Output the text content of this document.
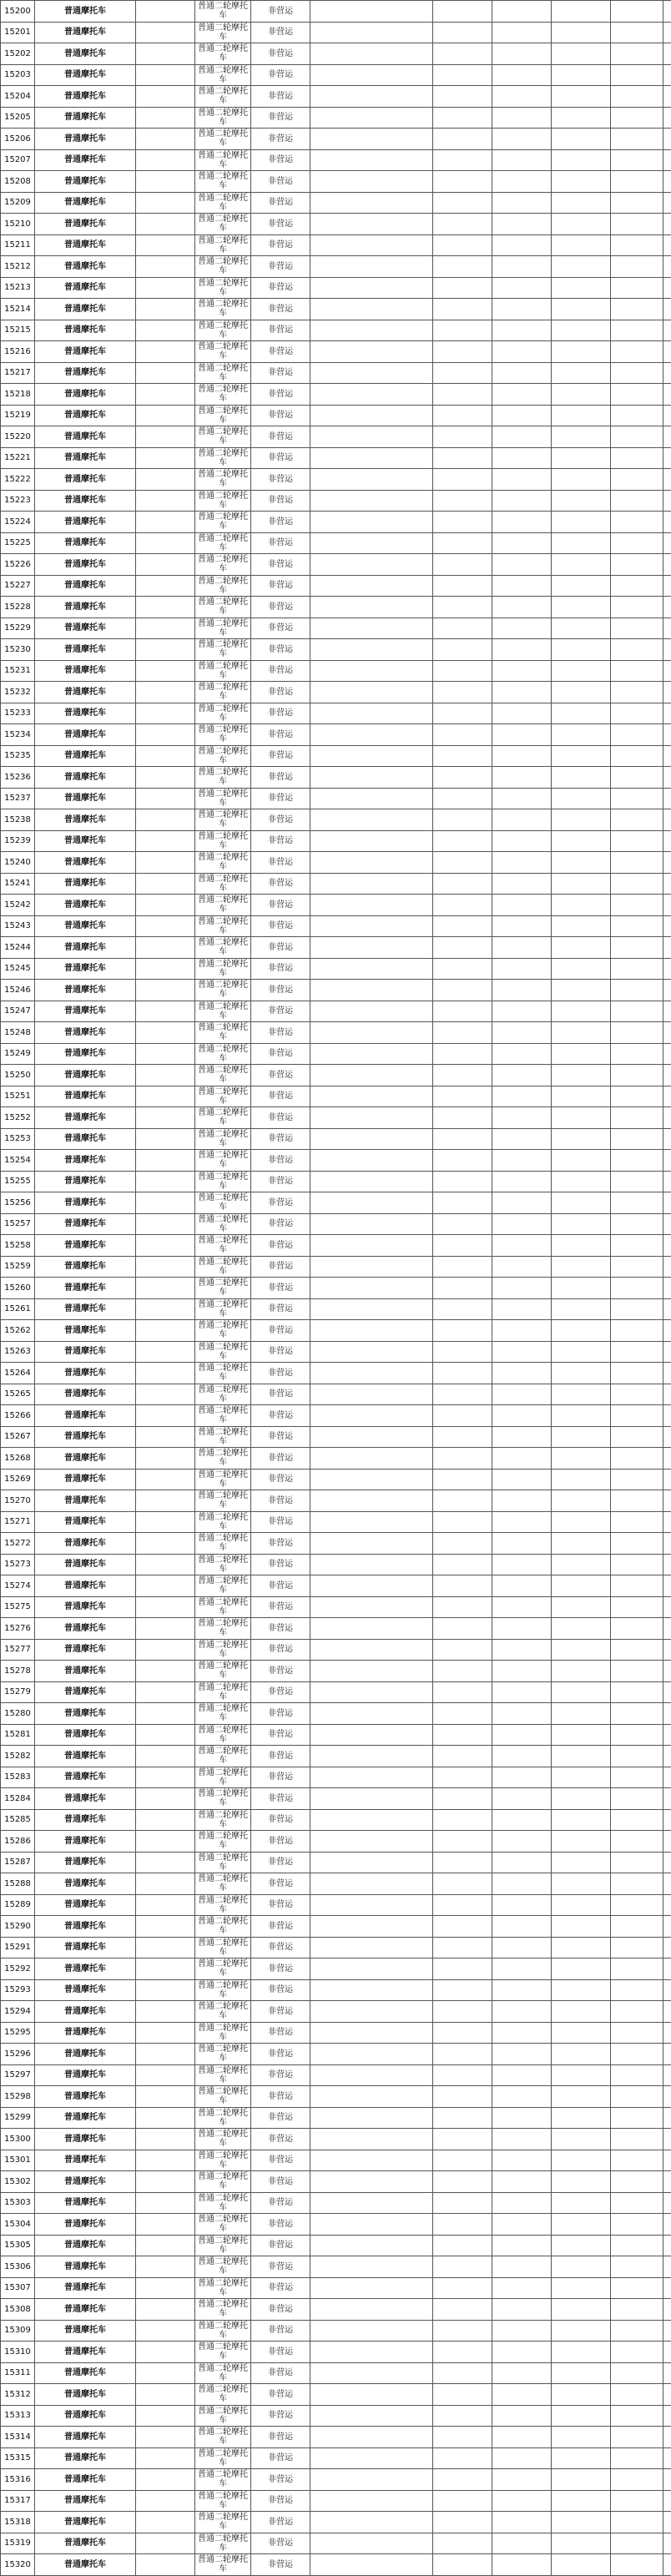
15200	普通摩托车		普通二轮摩托车	非营运						
15201	普通摩托车		普通二轮摩托车	非营运						
15202	普通摩托车		普通二轮摩托车	非营运						
15203	普通摩托车		普通二轮摩托车	非营运						
15204	普通摩托车		普通二轮摩托车	非营运						
15205	普通摩托车		普通二轮摩托车	非营运						
15206	普通摩托车		普通二轮摩托车	非营运						
15207	普通摩托车		普通二轮摩托车	非营运						
15208	普通摩托车		普通二轮摩托车	非营运						
15209	普通摩托车		普通二轮摩托车	非营运						
15210	普通摩托车		普通二轮摩托车	非营运						
15211	普通摩托车		普通二轮摩托车	非营运						
15212	普通摩托车		普通二轮摩托车	非营运						
15213	普通摩托车		普通二轮摩托车	非营运						
15214	普通摩托车		普通二轮摩托车	非营运						
15215	普通摩托车		普通二轮摩托车	非营运						
15216	普通摩托车		普通二轮摩托车	非营运						
15217	普通摩托车		普通二轮摩托车	非营运						
15218	普通摩托车		普通二轮摩托车	非营运						
15219	普通摩托车		普通二轮摩托车	非营运						
15220	普通摩托车		普通二轮摩托车	非营运						
15221	普通摩托车		普通二轮摩托车	非营运						
15222	普通摩托车		普通二轮摩托车	非营运						
15223	普通摩托车		普通二轮摩托车	非营运						
15224	普通摩托车		普通二轮摩托车	非营运						
15225	普通摩托车		普通二轮摩托车	非营运						
15226	普通摩托车		普通二轮摩托车	非营运						
15227	普通摩托车		普通二轮摩托车	非营运						
15228	普通摩托车		普通二轮摩托车	非营运						
15229	普通摩托车		普通二轮摩托车	非营运						
15230	普通摩托车		普通二轮摩托车	非营运						
15231	普通摩托车		普通二轮摩托车	非营运						
15232	普通摩托车		普通二轮摩托车	非营运						
15233	普通摩托车		普通二轮摩托车	非营运						
15234	普通摩托车		普通二轮摩托车	非营运						
15235	普通摩托车		普通二轮摩托车	非营运						
15236	普通摩托车		普通二轮摩托车	非营运						
15237	普通摩托车		普通二轮摩托车	非营运						
15238	普通摩托车		普通二轮摩托车	非营运						
15239	普通摩托车		普通二轮摩托车	非营运						
15240	普通摩托车		普通二轮摩托车	非营运						
15241	普通摩托车		普通二轮摩托车	非营运						
15242	普通摩托车		普通二轮摩托车	非营运						
15243	普通摩托车		普通二轮摩托车	非营运						
15244	普通摩托车		普通二轮摩托车	非营运						
15245	普通摩托车		普通二轮摩托车	非营运						
15246	普通摩托车		普通二轮摩托车	非营运						
15247	普通摩托车		普通二轮摩托车	非营运						
15248	普通摩托车		普通二轮摩托车	非营运						
15249	普通摩托车		普通二轮摩托车	非营运						
15250	普通摩托车		普通二轮摩托车	非营运						
15251	普通摩托车		普通二轮摩托车	非营运						
15252	普通摩托车		普通二轮摩托车	非营运						
15253	普通摩托车		普通二轮摩托车	非营运						
15254	普通摩托车		普通二轮摩托车	非营运						
15255	普通摩托车		普通二轮摩托车	非营运						
15256	普通摩托车		普通二轮摩托车	非营运						
15257	普通摩托车		普通二轮摩托车	非营运						
15258	普通摩托车		普通二轮摩托车	非营运						
15259	普通摩托车		普通二轮摩托车	非营运						
15260	普通摩托车		普通二轮摩托车	非营运						
15261	普通摩托车		普通二轮摩托车	非营运						
15262	普通摩托车		普通二轮摩托车	非营运						
15263	普通摩托车		普通二轮摩托车	非营运						
15264	普通摩托车		普通二轮摩托车	非营运						
15265	普通摩托车		普通二轮摩托车	非营运						
15266	普通摩托车		普通二轮摩托车	非营运						
15267	普通摩托车		普通二轮摩托车	非营运						
15268	普通摩托车		普通二轮摩托车	非营运						
15269	普通摩托车		普通二轮摩托车	非营运						
15270	普通摩托车		普通二轮摩托车	非营运						
15271	普通摩托车		普通二轮摩托车	非营运						
15272	普通摩托车		普通二轮摩托车	非营运						
15273	普通摩托车		普通二轮摩托车	非营运						
15274	普通摩托车		普通二轮摩托车	非营运						
15275	普通摩托车		普通二轮摩托车	非营运						
15276	普通摩托车		普通二轮摩托车	非营运						
15277	普通摩托车		普通二轮摩托车	非营运						
15278	普通摩托车		普通二轮摩托车	非营运						
15279	普通摩托车		普通二轮摩托车	非营运						
15280	普通摩托车		普通二轮摩托车	非营运						
15281	普通摩托车		普通二轮摩托车	非营运						
15282	普通摩托车		普通二轮摩托车	非营运						
15283	普通摩托车		普通二轮摩托车	非营运						
15284	普通摩托车		普通二轮摩托车	非营运						
15285	普通摩托车		普通二轮摩托车	非营运						
15286	普通摩托车		普通二轮摩托车	非营运						
15287	普通摩托车		普通二轮摩托车	非营运						
15288	普通摩托车		普通二轮摩托车	非营运						
15289	普通摩托车		普通二轮摩托车	非营运						
15290	普通摩托车		普通二轮摩托车	非营运						
15291	普通摩托车		普通二轮摩托车	非营运						
15292	普通摩托车		普通二轮摩托车	非营运						
15293	普通摩托车		普通二轮摩托车	非营运						
15294	普通摩托车		普通二轮摩托车	非营运						
15295	普通摩托车		普通二轮摩托车	非营运						
15296	普通摩托车		普通二轮摩托车	非营运						
15297	普通摩托车		普通二轮摩托车	非营运						
15298	普通摩托车		普通二轮摩托车	非营运						
15299	普通摩托车		普通二轮摩托车	非营运						
15300	普通摩托车		普通二轮摩托车	非营运						
15301	普通摩托车		普通二轮摩托车	非营运						
15302	普通摩托车		普通二轮摩托车	非营运						
15303	普通摩托车		普通二轮摩托车	非营运						
15304	普通摩托车		普通二轮摩托车	非营运						
15305	普通摩托车		普通二轮摩托车	非营运						
15306	普通摩托车		普通二轮摩托车	非营运						
15307	普通摩托车		普通二轮摩托车	非营运						
15308	普通摩托车		普通二轮摩托车	非营运						
15309	普通摩托车		普通二轮摩托车	非营运						
15310	普通摩托车		普通二轮摩托车	非营运						
15311	普通摩托车		普通二轮摩托车	非营运						
15312	普通摩托车		普通二轮摩托车	非营运						
15313	普通摩托车		普通二轮摩托车	非营运						
15314	普通摩托车		普通二轮摩托车	非营运						
15315	普通摩托车		普通二轮摩托车	非营运						
15316	普通摩托车		普通二轮摩托车	非营运						
15317	普通摩托车		普通二轮摩托车	非营运						
15318	普通摩托车		普通二轮摩托车	非营运						
15319	普通摩托车		普通二轮摩托车	非营运						
15320	普通摩托车		普通二轮摩托车	非营运						
